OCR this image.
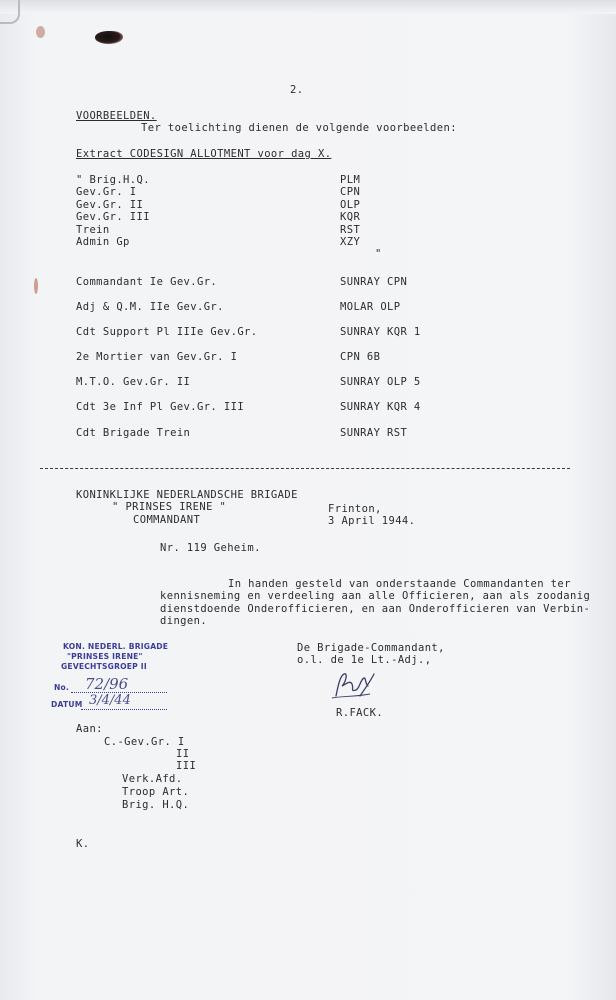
2.
VOORBEELDEN.
Ter toelichting dienen de volgende voorbeelden:
Extract CODESIGN ALLOTMENT voor dag X.
" Brig.H.Q.	PLM
Gev.Gr. I	CPN
Gev.Gr. II	OLP
Gev.Gr. III	KQR
Trein	RST
Admin Gp	XZY
"
Commandant Ie Gev.Gr.	SUNRAY CPN
Adj & Q.M. IIe Gev.Gr.	MOLAR OLP
Cdt Support Pl IIIe Gev.Gr.	SUNRAY KQR 1
2e Mortier van Gev.Gr. I	CPN 6B
M.T.O. Gev.Gr. II	SUNRAY OLP 5
Cdt 3e Inf Pl Gev.Gr. III	SUNRAY KQR 4
Cdt Brigade Trein	SUNRAY RST
KONINKLIJKE NEDERLANDSCHE BRIGADE
" PRINSES IRENE "
COMMANDANT
Frinton,
3 April 1944.
Nr. 119 Geheim.
In handen gesteld van onderstaande Commandanten ter
kennisneming en verdeeling aan alle Officieren, aan als zoodanig
dienstdoende Onderofficieren, en aan Onderofficieren van Verbin-
dingen.
De Brigade-Commandant,
o.l. de 1e Lt.-Adj.,
R.FACK.
KON. NEDERL. BRIGADE
"PRINSES IRENE"
GEVECHTSGROEP II
No. 72/96
DATUM 3/4/44
Aan:
C.-Gev.Gr. I
II
III
Verk.Afd.
Troop Art.
Brig. H.Q.
K.
